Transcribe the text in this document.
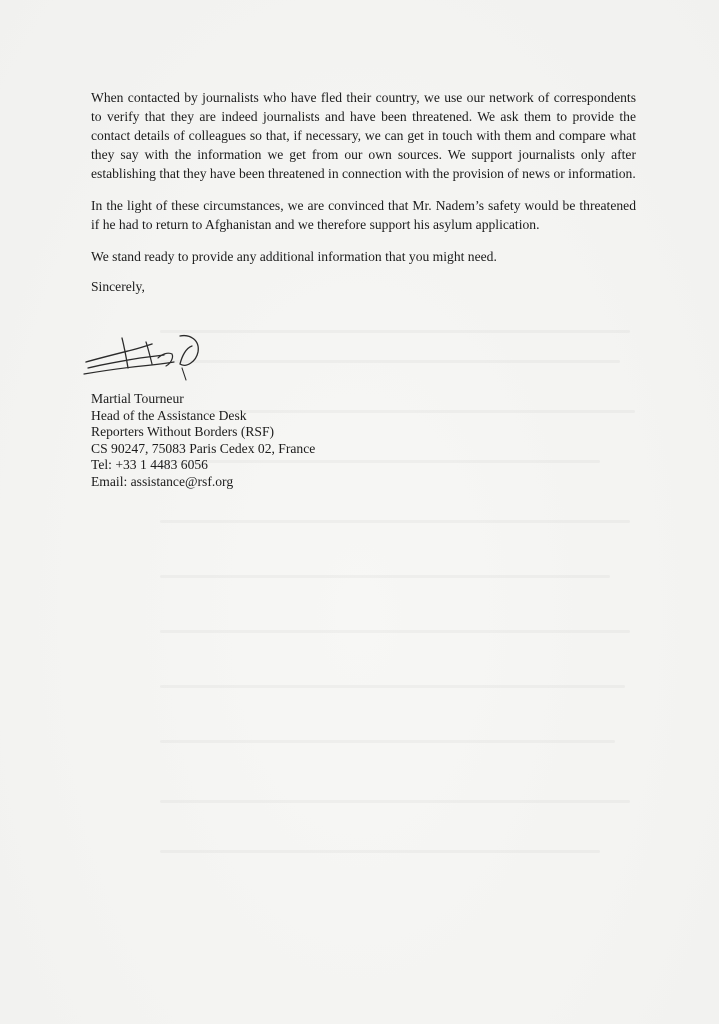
When contacted by journalists who have fled their country, we use our network of correspondents to verify that they are indeed journalists and have been threatened. We ask them to provide the contact details of colleagues so that, if necessary, we can get in touch with them and compare what they say with the information we get from our own sources. We support journalists only after establishing that they have been threatened in connection with the provision of news or information.

In the light of these circumstances, we are convinced that Mr. Nadem’s safety would be threatened if he had to return to Afghanistan and we therefore support his asylum application.

We stand ready to provide any additional information that you might need.

Sincerely,

Martial Tourneur
Head of the Assistance Desk
Reporters Without Borders (RSF)
CS 90247, 75083 Paris Cedex 02, France
Tel: +33 1 4483 6056
Email: assistance@rsf.org
